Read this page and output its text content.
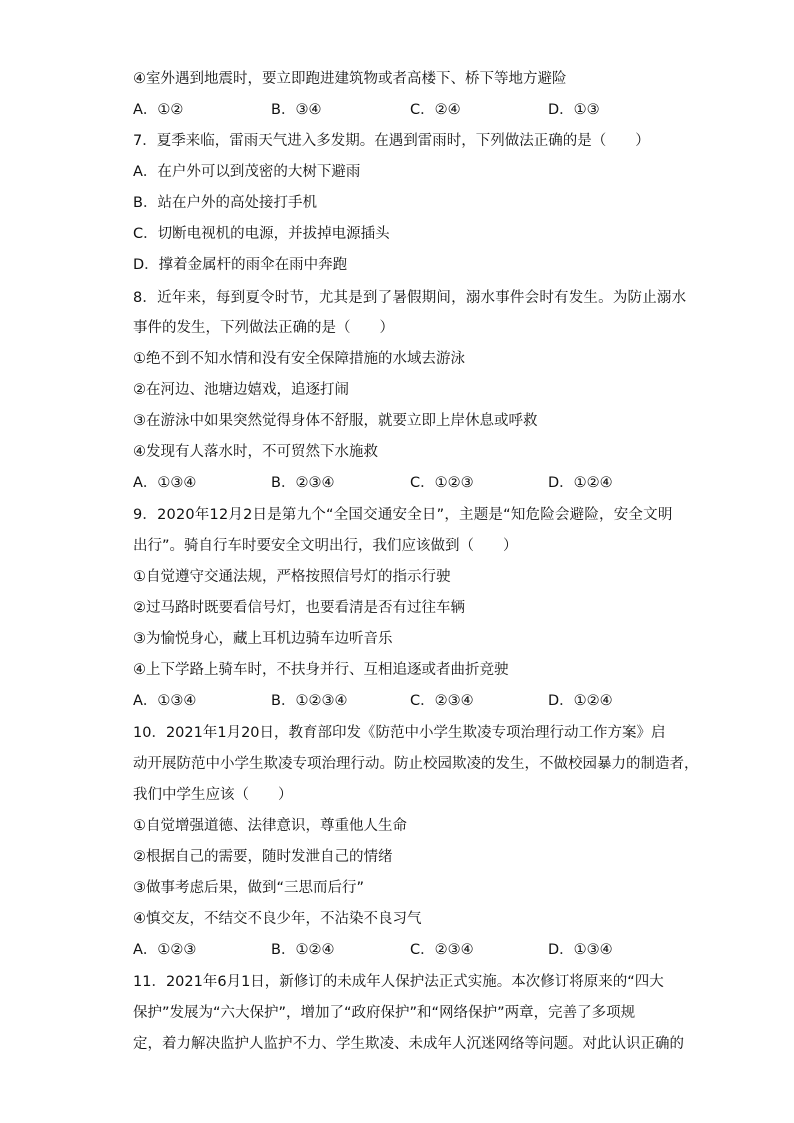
④室外遇到地震时，要立即跑进建筑物或者高楼下、桥下等地方避险
A．①②	B．③④	C．②④	D．①③
7．夏季来临，雷雨天气进入多发期。在遇到雷雨时，下列做法正确的是（　　）
A．在户外可以到茂密的大树下避雨
B．站在户外的高处接打手机
C．切断电视机的电源，并拔掉电源插头
D．撑着金属杆的雨伞在雨中奔跑
8．近年来，每到夏令时节，尤其是到了暑假期间，溺水事件会时有发生。为防止溺水
事件的发生，下列做法正确的是（　　）
①绝不到不知水情和没有安全保障措施的水域去游泳
②在河边、池塘边嬉戏，追逐打闹
③在游泳中如果突然觉得身体不舒服，就要立即上岸休息或呼救
④发现有人落水时，不可贸然下水施救
A．①③④	B．②③④	C．①②③	D．①②④
9．2020年12月2日是第九个“全国交通安全日”，主题是“知危险会避险，安全文明
出行”。骑自行车时要安全文明出行，我们应该做到（　　）
①自觉遵守交通法规，严格按照信号灯的指示行驶
②过马路时既要看信号灯，也要看清是否有过往车辆
③为愉悦身心，藏上耳机边骑车边听音乐
④上下学路上骑车时，不扶身并行、互相追逐或者曲折竞驶
A．①③④	B．①②③④	C．②③④	D．①②④
10．2021年1月20日，教育部印发《防范中小学生欺凌专项治理行动工作方案》启
动开展防范中小学生欺凌专项治理行动。防止校园欺凌的发生，不做校园暴力的制造者，
我们中学生应该（　　）
①自觉增强道德、法律意识，尊重他人生命
②根据自己的需要，随时发泄自己的情绪
③做事考虑后果，做到“三思而后行”
④慎交友，不结交不良少年，不沾染不良习气
A．①②③	B．①②④	C．②③④	D．①③④
11．2021年6月1日，新修订的未成年人保护法正式实施。本次修订将原来的“四大
保护”发展为“六大保护”，增加了“政府保护”和“网络保护”两章，完善了多项规
定，着力解决监护人监护不力、学生欺凌、未成年人沉迷网络等问题。对此认识正确的
